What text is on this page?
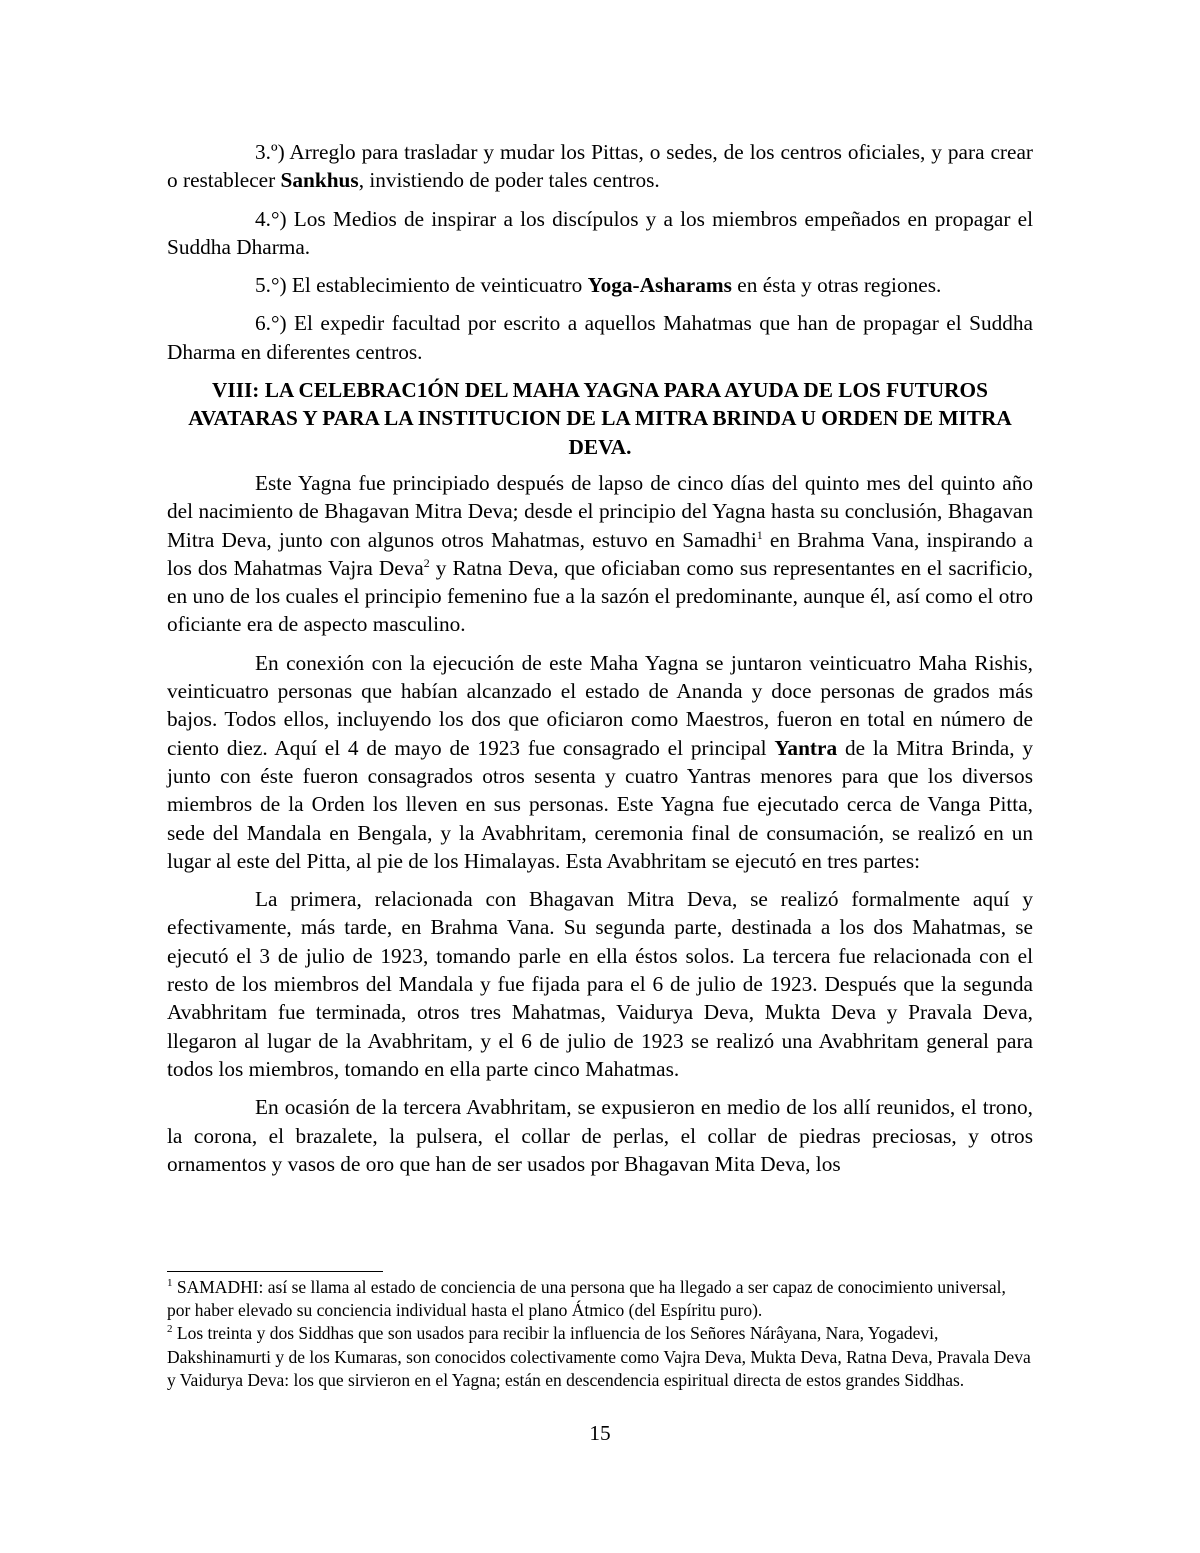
3.º) Arreglo para trasladar y mudar los Pittas, o sedes, de los centros oficiales, y para crear o restablecer Sankhus, invistiendo de poder tales centros.

4.°) Los Medios de inspirar a los discípulos y a los miembros empeñados en propagar el Suddha Dharma.

5.°) El establecimiento de veinticuatro Yoga-Asharams en ésta y otras regiones.

6.°) El expedir facultad por escrito a aquellos Mahatmas que han de propagar el Suddha Dharma en diferentes centros.

VIII: LA CELEBRAC1ÓN DEL MAHA YAGNA PARA AYUDA DE LOS FUTUROS AVATARAS Y PARA LA INSTITUCION DE LA MITRA BRINDA U ORDEN DE MITRA DEVA.

Este Yagna fue principiado después de lapso de cinco días del quinto mes del quinto año del nacimiento de Bhagavan Mitra Deva; desde el principio del Yagna hasta su conclusión, Bhagavan Mitra Deva, junto con algunos otros Mahatmas, estuvo en Samadhi$^1$ en Brahma Vana, inspirando a los dos Mahatmas Vajra Deva$^2$ y Ratna Deva, que oficiaban como sus representantes en el sacrificio, en uno de los cuales el principio femenino fue a la sazón el predominante, aunque él, así como el otro oficiante era de aspecto masculino.

En conexión con la ejecución de este Maha Yagna se juntaron veinticuatro Maha Rishis, veinticuatro personas que habían alcanzado el estado de Ananda y doce personas de grados más bajos. Todos ellos, incluyendo los dos que oficiaron como Maestros, fueron en total en número de ciento diez. Aquí el 4 de mayo de 1923 fue consagrado el principal Yantra de la Mitra Brinda, y junto con éste fueron consagrados otros sesenta y cuatro Yantras menores para que los diversos miembros de la Orden los lleven en sus personas. Este Yagna fue ejecutado cerca de Vanga Pitta, sede del Mandala en Bengala, y la Avabhritam, ceremonia final de consumación, se realizó en un lugar al este del Pitta, al pie de los Himalayas. Esta Avabhritam se ejecutó en tres partes:

La primera, relacionada con Bhagavan Mitra Deva, se realizó formalmente aquí y efectivamente, más tarde, en Brahma Vana. Su segunda parte, destinada a los dos Mahatmas, se ejecutó el 3 de julio de 1923, tomando parle en ella éstos solos. La tercera fue relacionada con el resto de los miembros del Mandala y fue fijada para el 6 de julio de 1923. Después que la segunda Avabhritam fue terminada, otros tres Mahatmas, Vaidurya Deva, Mukta Deva y Pravala Deva, llegaron al lugar de la Avabhritam, y el 6 de julio de 1923 se realizó una Avabhritam general para todos los miembros, tomando en ella parte cinco Mahatmas.

En ocasión de la tercera Avabhritam, se expusieron en medio de los allí reunidos, el trono, la corona, el brazalete, la pulsera, el collar de perlas, el collar de piedras preciosas, y otros ornamentos y vasos de oro que han de ser usados por Bhagavan Mita Deva, los

$^1$ SAMADHI: así se llama al estado de conciencia de una persona que ha llegado a ser capaz de conocimiento universal, por haber elevado su conciencia individual hasta el plano Átmico (del Espíritu puro).

$^2$ Los treinta y dos Siddhas que son usados para recibir la influencia de los Señores Nárâyana, Nara, Yogadevi, Dakshinamurti y de los Kumaras, son conocidos colectivamente como Vajra Deva, Mukta Deva, Ratna Deva, Pravala Deva y Vaidurya Deva: los que sirvieron en el Yagna; están en descendencia espiritual directa de estos grandes Siddhas.

15
